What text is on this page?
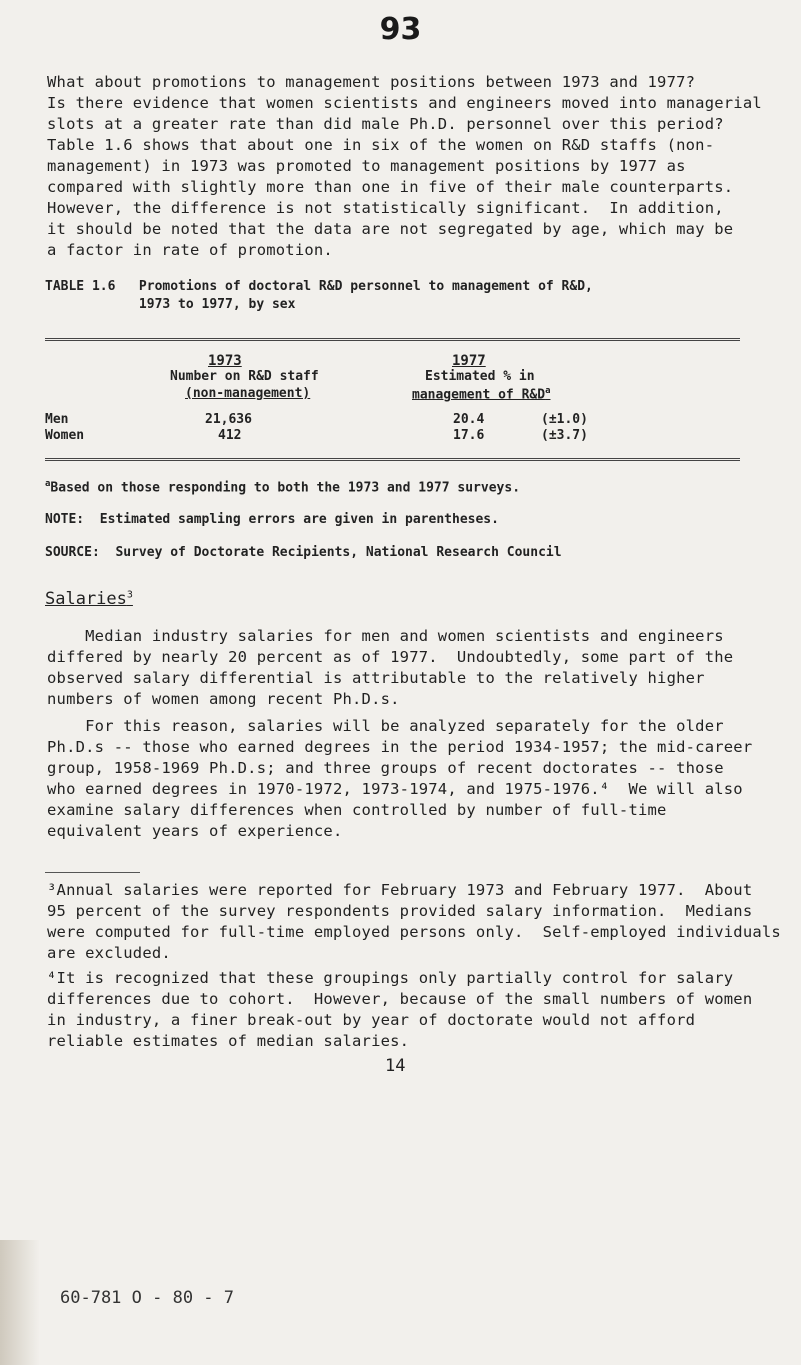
93
What about promotions to management positions between 1973 and 1977?
Is there evidence that women scientists and engineers moved into managerial
slots at a greater rate than did male Ph.D. personnel over this period?
Table 1.6 shows that about one in six of the women on R&D staffs (non-
management) in 1973 was promoted to management positions by 1977 as
compared with slightly more than one in five of their male counterparts.
However, the difference is not statistically significant.  In addition,
it should be noted that the data are not segregated by age, which may be
a factor in rate of promotion.
TABLE 1.6   Promotions of doctoral R&D personnel to management of R&D,
1973 to 1977, by sex
1973	1977
Number on R&D staff	Estimated % in
(non-management)	management of $R\&D^a$
Men	21,636	20.4	(±1.0)
Women	412	17.6	(±3.7)
$^a$Based on those responding to both the 1973 and 1977 surveys.
NOTE:  Estimated sampling errors are given in parentheses.
SOURCE:  Survey of Doctorate Recipients, National Research Council
Salaries$^3$
Median industry salaries for men and women scientists and engineers
differed by nearly 20 percent as of 1977.  Undoubtedly, some part of the
observed salary differential is attributable to the relatively higher
numbers of women among recent Ph.D.s.
For this reason, salaries will be analyzed separately for the older
Ph.D.s -- those who earned degrees in the period 1934-1957; the mid-career
group, 1958-1969 Ph.D.s; and three groups of recent doctorates -- those
who earned degrees in 1970-1972, 1973-1974, and 1975-1976.⁴  We will also
examine salary differences when controlled by number of full-time
equivalent years of experience.
³Annual salaries were reported for February 1973 and February 1977.  About
95 percent of the survey respondents provided salary information.  Medians
were computed for full-time employed persons only.  Self-employed individuals
are excluded.
⁴It is recognized that these groupings only partially control for salary
differences due to cohort.  However, because of the small numbers of women
in industry, a finer break-out by year of doctorate would not afford
reliable estimates of median salaries.
14
60-781 O - 80 - 7
